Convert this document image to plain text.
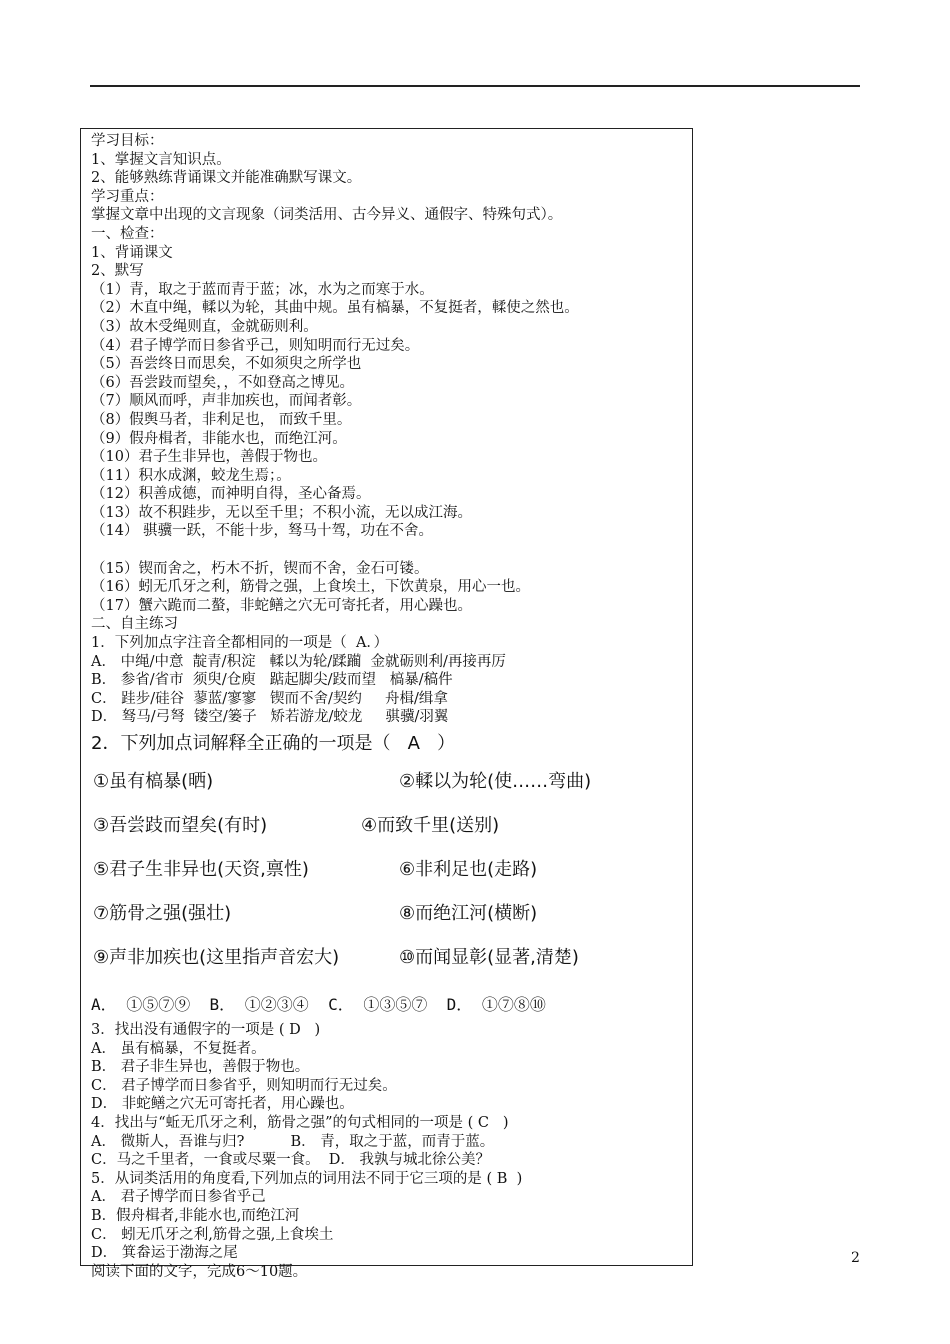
学习目标：
1、掌握文言知识点。
2、能够熟练背诵课文并能准确默写课文。
学习重点：
掌握文章中出现的文言现象（词类活用、古今异义、通假字、特殊句式）。
一、检查：
1、背诵课文
2、默写
（1）青，取之于蓝而青于蓝；冰，水为之而寒于水。
（2）木直中绳，輮以为轮，其曲中规。虽有槁暴，不复挺者，輮使之然也。
（3）故木受绳则直，金就砺则利。
（4）君子博学而日参省乎己，则知明而行无过矣。
（5）吾尝终日而思矣，不如须臾之所学也
（6）吾尝跂而望矣，，不如登高之博见。
（7）顺风而呼，声非加疾也，而闻者彰。
（8）假舆马者，非利足也， 而致千里。
（9）假舟楫者，非能水也，而绝江河。
（10）君子生非异也，善假于物也。
（11）积水成渊，蛟龙生焉；。
（12）积善成德，而神明自得，圣心备焉。
（13）故不积跬步，无以至千里；不积小流，无以成江海。
（14） 骐骥一跃，不能十步，驽马十驾，功在不舍。
（15）锲而舍之，朽木不折，锲而不舍，金石可镂。
（16）蚓无爪牙之利，筋骨之强，上食埃土，下饮黄泉，用心一也。
（17）蟹六跪而二螯，非蛇鳝之穴无可寄托者，用心躁也。
二、自主练习
1．下列加点字注音全都相同的一项是（  A．）
A． 中绳/中意  靛青/积淀   輮以为轮/蹂躏  金就砺则利/再接再厉
B． 参省/省市  须臾/仓庾   踮起脚尖/跂而望   槁暴/稿件
C． 跬步/硅谷  蓼蓝/寥寥   锲而不舍/契约     舟楫/缉拿
D． 驽马/弓弩  镂空/篓子   矫若游龙/蛟龙     骐骥/羽翼
2．下列加点词解释全正确的一项是（   A   ）
①虽有槁暴(晒)	②輮以为轮(使……弯曲)
③吾尝跂而望矣(有时)	④而致千里(送别)
⑤君子生非异也(天资,禀性)	⑥非利足也(走路)
⑦筋骨之强(强壮)	⑧而绝江河(横断)
⑨声非加疾也(这里指声音宏大)	⑩而闻显彰(显著,清楚)
A． ①⑤⑦⑨  B． ①②③④  C． ①③⑤⑦  D． ①⑦⑧⑩
3．找出没有通假字的一项是 ( D   )
A． 虽有槁暴，不复挺者。
B． 君子非生异也，善假于物也。
C． 君子博学而日参省乎，则知明而行无过矣。
D． 非蛇鳝之穴无可寄托者，用心躁也。
4．找出与“蚯无爪牙之利，筋骨之强”的句式相同的一项是 ( C   )
A． 微斯人，吾谁与归?          B． 青，取之于蓝，而青于蓝。
C．马之千里者，一食或尽粟一食。  D． 我孰与城北徐公美？
5．从词类活用的角度看,下列加点的词用法不同于它三项的是 ( B  )
A． 君子博学而日参省乎己
B．假舟楫者,非能水也,而绝江河
C． 蚓无爪牙之利,筋骨之强,上食埃土
D． 箕畚运于渤海之尾
阅读下面的文字，完成6～10题。
2
